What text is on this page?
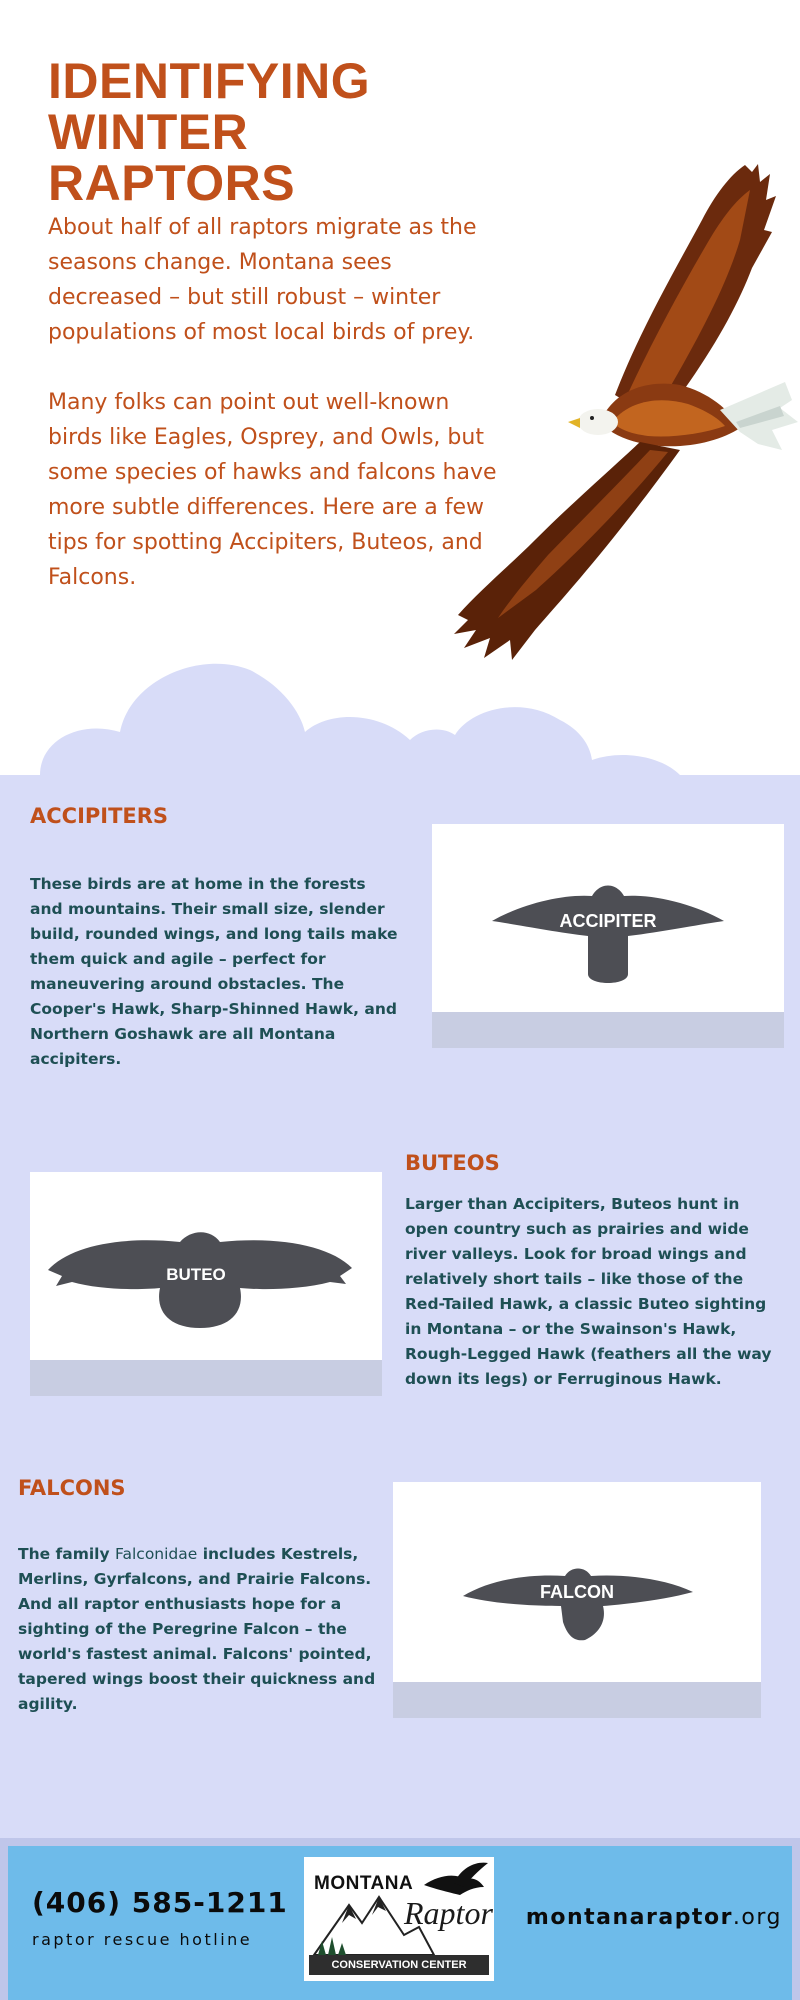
IDENTIFYING
WINTER
RAPTORS

About half of all raptors migrate as the seasons change. Montana sees decreased – but still robust – winter populations of most local birds of prey.

Many folks can point out well-known birds like Eagles, Osprey, and Owls, but some species of hawks and falcons have more subtle differences. Here are a few tips for spotting Accipiters, Buteos, and Falcons.

ACCIPITERS

These birds are at home in the forests and mountains. Their small size, slender build, rounded wings, and long tails make them quick and agile – perfect for maneuvering around obstacles. The Cooper's Hawk, Sharp-Shinned Hawk, and Northern Goshawk are all Montana accipiters.

ACCIPITER
BUTEOS

Larger than Accipiters, Buteos hunt in open country such as prairies and wide river valleys. Look for broad wings and relatively short tails – like those of the Red-Tailed Hawk, a classic Buteo sighting in Montana – or the Swainson's Hawk, Rough-Legged Hawk (feathers all the way down its legs) or Ferruginous Hawk.

BUTEO
FALCONS

The family Falconidae includes Kestrels, Merlins, Gyrfalcons, and Prairie Falcons. And all raptor enthusiasts hope for a sighting of the Peregrine Falcon – the world's fastest animal. Falcons' pointed, tapered wings boost their quickness and agility.

FALCON

(406) 585-1211

raptor rescue hotline

MONTANA
Raptor
CONSERVATION CENTER

montanaraptor.org
